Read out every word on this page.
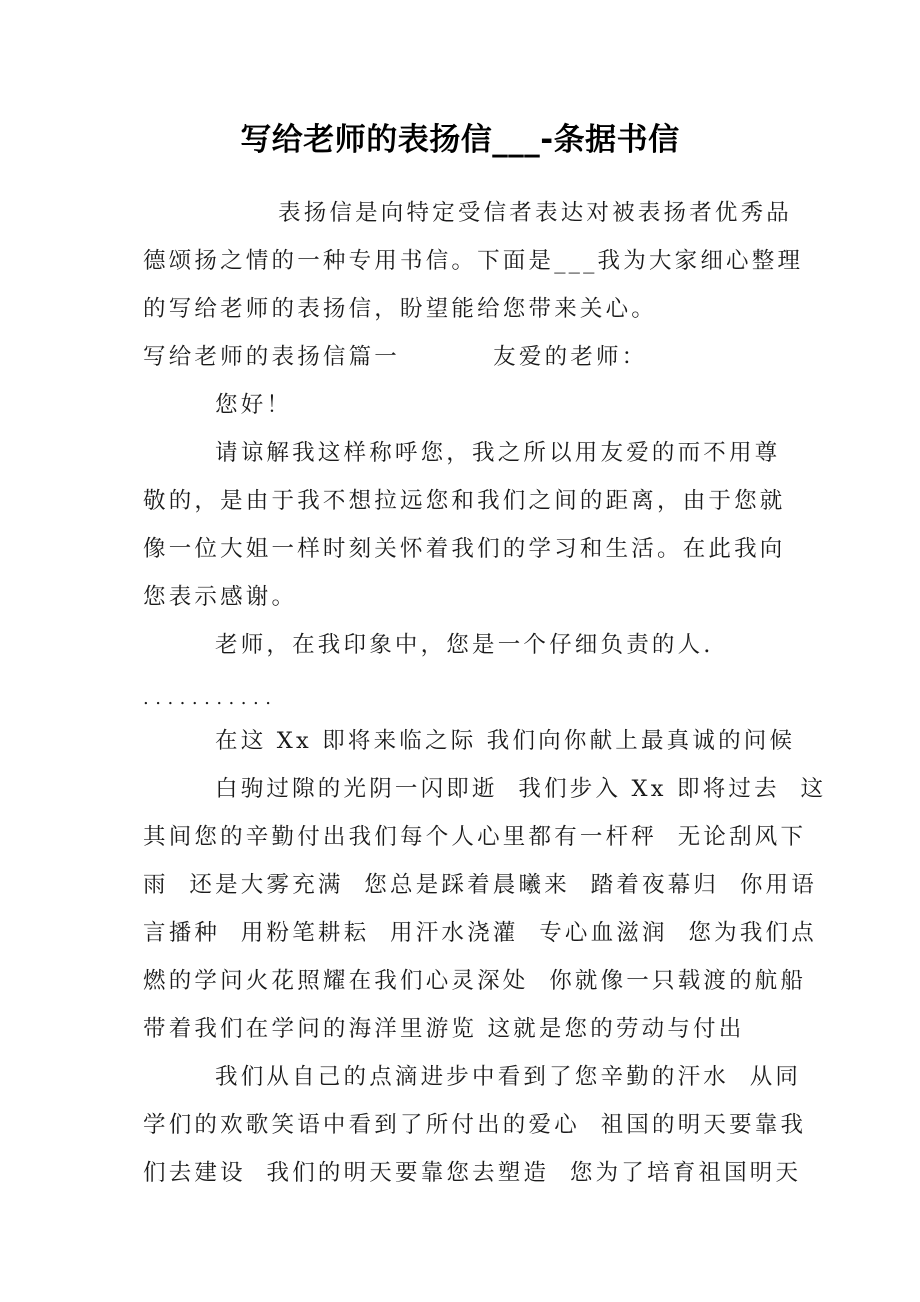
写给老师的表扬信___-条据书信
表扬信是向特定受信者表达对被表扬者优秀品
德颂扬之情的一种专用书信。下面是___我为大家细心整理
的写给老师的表扬信，盼望能给您带来关心。
写给老师的表扬信篇一         友爱的老师：
您好！
请谅解我这样称呼您，我之所以用友爱的而不用尊
敬的，是由于我不想拉远您和我们之间的距离，由于您就
像一位大姐一样时刻关怀着我们的学习和生活。在此我向
您表示感谢。
老师，在我印象中，您是一个仔细负责的人.
...........
在这 Xx 即将来临之际 我们向你献上最真诚的问候
白驹过隙的光阴一闪即逝  我们步入 Xx 即将过去  这
其间您的辛勤付出我们每个人心里都有一杆秤  无论刮风下
雨  还是大雾充满  您总是踩着晨曦来  踏着夜幕归  你用语
言播种  用粉笔耕耘  用汗水浇灌  专心血滋润  您为我们点
燃的学问火花照耀在我们心灵深处  你就像一只载渡的航船
带着我们在学问的海洋里游览 这就是您的劳动与付出
我们从自己的点滴进步中看到了您辛勤的汗水  从同
学们的欢歌笑语中看到了所付出的爱心  祖国的明天要靠我
们去建设  我们的明天要靠您去塑造  您为了培育祖国明天
